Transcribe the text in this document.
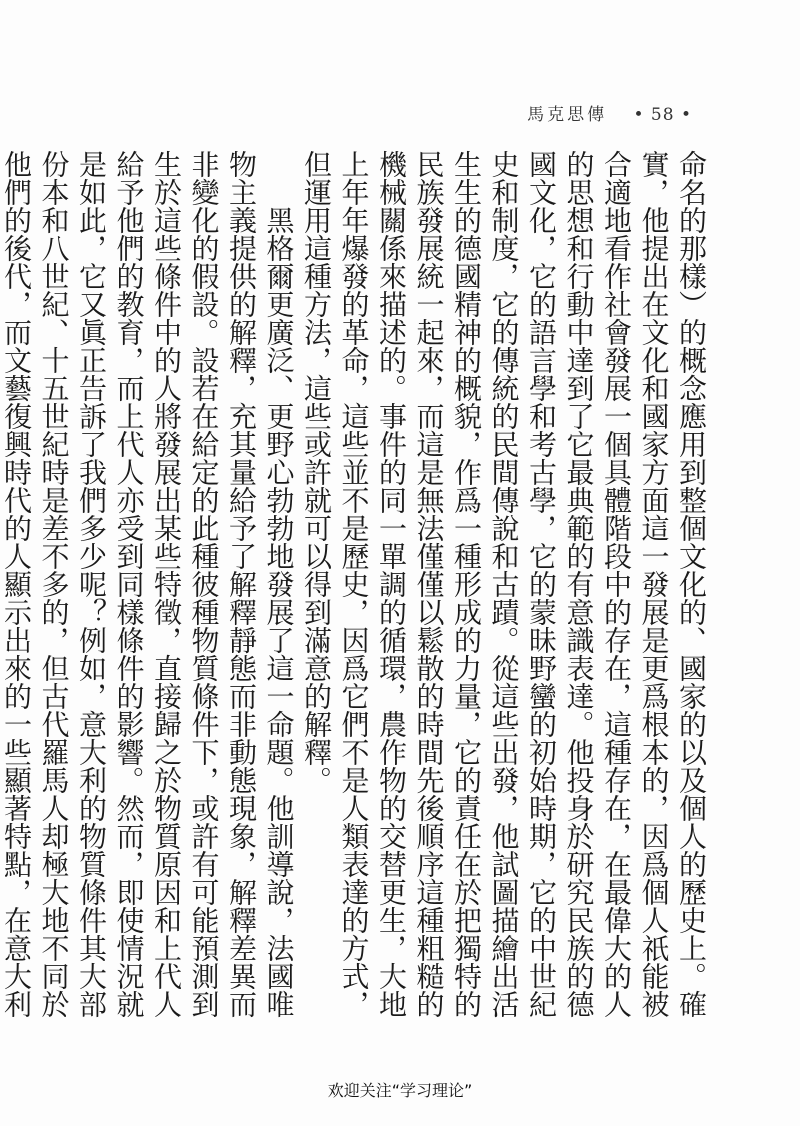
馬克思傳 • 58 •

命名的那樣）的概念應用到整個文化的、國家的以及個人的歷史上。確實，他提出在文化和國家方面這一發展是更爲根本的，因爲個人祇能被合適地看作社會發展一個具體階段中的存在，這種存在，在最偉大的人的思想和行動中達到了它最典範的有意識表達。他投身於研究民族的德國文化，它的語言學和考古學，它的蒙昧野蠻的初始時期，它的中世紀史和制度，它的傳統的民間傳說和古蹟。從這些出發，他試圖描繪出活生生的德國精神的概貌，作爲一種形成的力量，它的責任在於把獨特的民族發展統一起來，而這是無法僅僅以鬆散的時間先後順序這種粗糙的機械關係來描述的。事件的同一單調的循環，農作物的交替更生，大地上年年爆發的革命，這些並不是歷史，因爲它們不是人類表達的方式，但運用這種方法，這些或許就可以得到滿意的解釋。

黑格爾更廣泛、更野心勃勃地發展了這一命題。他訓導說，法國唯物主義提供的解釋，充其量給予了解釋靜態而非動態現象，解釋差異而非變化的假設。設若在給定的此種彼種物質條件下，或許有可能預測到生於這些條件中的人將發展出某些特徵，直接歸之於物質原因和上代人給予他們的教育，而上代人亦受到同樣條件的影響。然而，即使情況就是如此，它又眞正告訴了我們多少呢？例如，意大利的物質條件其大部份本和八世紀、十五世紀時是差不多的，但古代羅馬人却極大地不同於他們的後代，而文藝復興時代的人顯示出來的一些顯著特點，在意大利

欢迎关注“学习理论”
